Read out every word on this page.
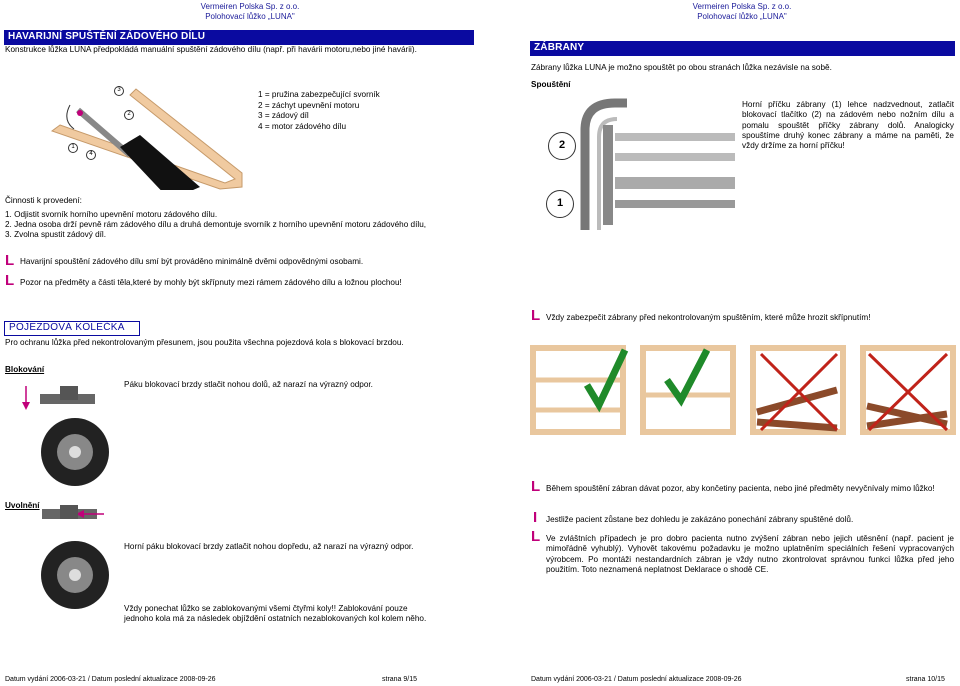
Vermeiren Polska Sp. z o.o.
Polohovací lůžko „LUNA"
Vermeiren Polska Sp. z o.o.
Polohovací lůžko „LUNA"
HAVARIJNÍ SPUŠTĚNÍ ZÁDOVÉHO DÍLU
Konstrukce lůžka LUNA předpokládá manuální spuštění zádového dílu (např. při havárii motoru,nebo jiné havárii).
1
2
3
4
1 = pružina zabezpečující svorník
2 = záchyt upevnění motoru
3 = zádový díl
4 = motor zádového dílu
Činnosti k provedení:
1. Odjistit svorník horního upevnění motoru zádového dílu.
2. Jedna osoba drží pevně rám zádového dílu a druhá demontuje svorník z horního upevnění motoru zádového dílu,
3. Zvolna spustit zádový díl.
L Havarijní spouštění zádového dílu smí být prováděno minimálně dvěmi odpovědnými osobami.
L Pozor na předměty a části těla,které by mohly být skřípnuty mezi rámem zádového dílu a ložnou plochou!
POJEZDOVÁ KOLEČKA
Pro ochranu lůžka před nekontrolovaným přesunem, jsou použita všechna pojezdová kola s blokovací brzdou.
Blokování
Páku blokovací brzdy stlačit nohou dolů, až narazí na výrazný odpor.
Uvolnění
Horní páku blokovací brzdy zatlačit nohou dopředu, až narazí na výrazný odpor.
Vždy ponechat lůžko se zablokovanými všemi čtyřmi koly!! Zablokování pouze jednoho kola má za následek objíždění ostatních nezablokovaných kol kolem něho.
Datum vydání 2006-03-21 / Datum poslední aktualizace 2008-09-26	strana 9/15
ZÁBRANY
Zábrany lůžka LUNA je možno spouštět po obou stranách lůžka nezávisle na sobě.
Spouštění
Horní příčku zábrany (1) lehce nadzvednout, zatlačit blokovací tlačítko (2) na zádovém nebo nožním dílu a pomalu spouštět příčky zábrany dolů. Analogicky spouštíme druhý konec zábrany a máme na paměti, že vždy držíme za horní příčku!
2
1
L Vždy zabezpečit zábrany před nekontrolovaným spuštěním, které může hrozit skřípnutím!
L Během spouštění zábran dávat pozor, aby končetiny pacienta, nebo jiné předměty nevyčnívaly mimo lůžko!
I Jestliže pacient zůstane bez dohledu je zakázáno ponechání zábrany spuštěné dolů.
L Ve zvláštních případech je pro dobro pacienta nutno zvýšení zábran nebo jejich utěsnění (např. pacient je mimořádně vyhublý). Vyhovět takovému požadavku je možno uplatněním speciálních řešení vypracovaných výrobcem. Po montáži nestandardních zábran je vždy nutno zkontrolovat správnou funkci lůžka před jeho použitím. Toto neznamená neplatnost Deklarace o shodě CE.
Datum vydání 2006-03-21 / Datum poslední aktualizace 2008-09-26	strana 10/15
